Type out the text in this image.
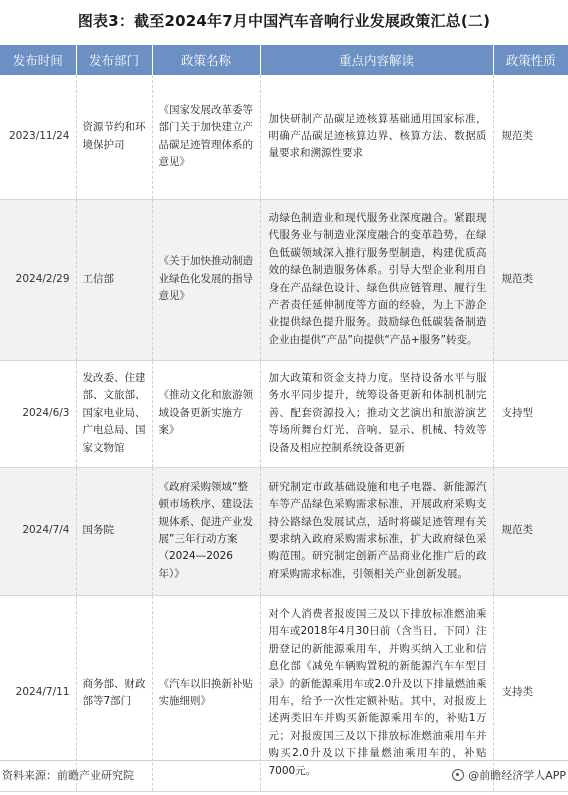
图表3：截至2024年7月中国汽车音响行业发展政策汇总(二)
发布时间	发布部门	政策名称	重点内容解读	政策性质
2023/11/24	资源节约和环境保护司	《国家发展改革委等部门关于加快建立产品碳足迹管理体系的意见》	加快研制产品碳足迹核算基础通用国家标准，明确产品碳足迹核算边界、核算方法、数据质量要求和溯源性要求	规范类
2024/2/29	工信部	《关于加快推动制造业绿色化发展的指导意见》	动绿色制造业和现代服务业深度融合。紧跟现代服务业与制造业深度融合的变革趋势，在绿色低碳领域深入推行服务型制造，构建优质高效的绿色制造服务体系。引导大型企业利用自身在产品绿色设计、绿色供应链管理、履行生产者责任延伸制度等方面的经验，为上下游企业提供绿色提升服务。鼓励绿色低碳装备制造企业由提供“产品”向提供“产品+服务”转变。	规范类
2024/6/3	发改委、住建部、文旅部、国家电业局、广电总局、国家文物馆	《推动文化和旅游领域设备更新实施方案》	加大政策和资金支持力度。坚持设备水平与服务水平同步提升，统筹设备更新和体制机制完善、配套资源投入；推动文艺演出和旅游演艺等场所舞台灯光、音响、显示、机械、特效等设备及相应控制系统设备更新	支持型
2024/7/4	国务院	《政府采购领域“整顿市场秩序、建设法规体系、促进产业发展”三年行动方案（2024—2026年）》	研究制定市政基础设施和电子电器、新能源汽车等产品绿色采购需求标准，开展政府采购支持公路绿色发展试点，适时将碳足迹管理有关要求纳入政府采购需求标准，扩大政府绿色采购范围。研究制定创新产品商业化推广后的政府采购需求标准，引领相关产业创新发展。	规范类
2024/7/11	商务部、财政部等7部门	《汽车以旧换新补贴实施细则》	对个人消费者报废国三及以下排放标准燃油乘用车或2018年4月30日前（含当日，下同）注册登记的新能源乘用车，并购买纳入工业和信息化部《减免车辆购置税的新能源汽车车型目录》的新能源乘用车或2.0升及以下排量燃油乘用车，给予一次性定额补贴。其中，对报废上述两类旧车并购买新能源乘用车的，补贴1万元；对报废国三及以下排放标准燃油乘用车并购买2.0升及以下排量燃油乘用车的，补贴7000元。	支持类
资料来源：前瞻产业研究院	@前瞻经济学人APP
